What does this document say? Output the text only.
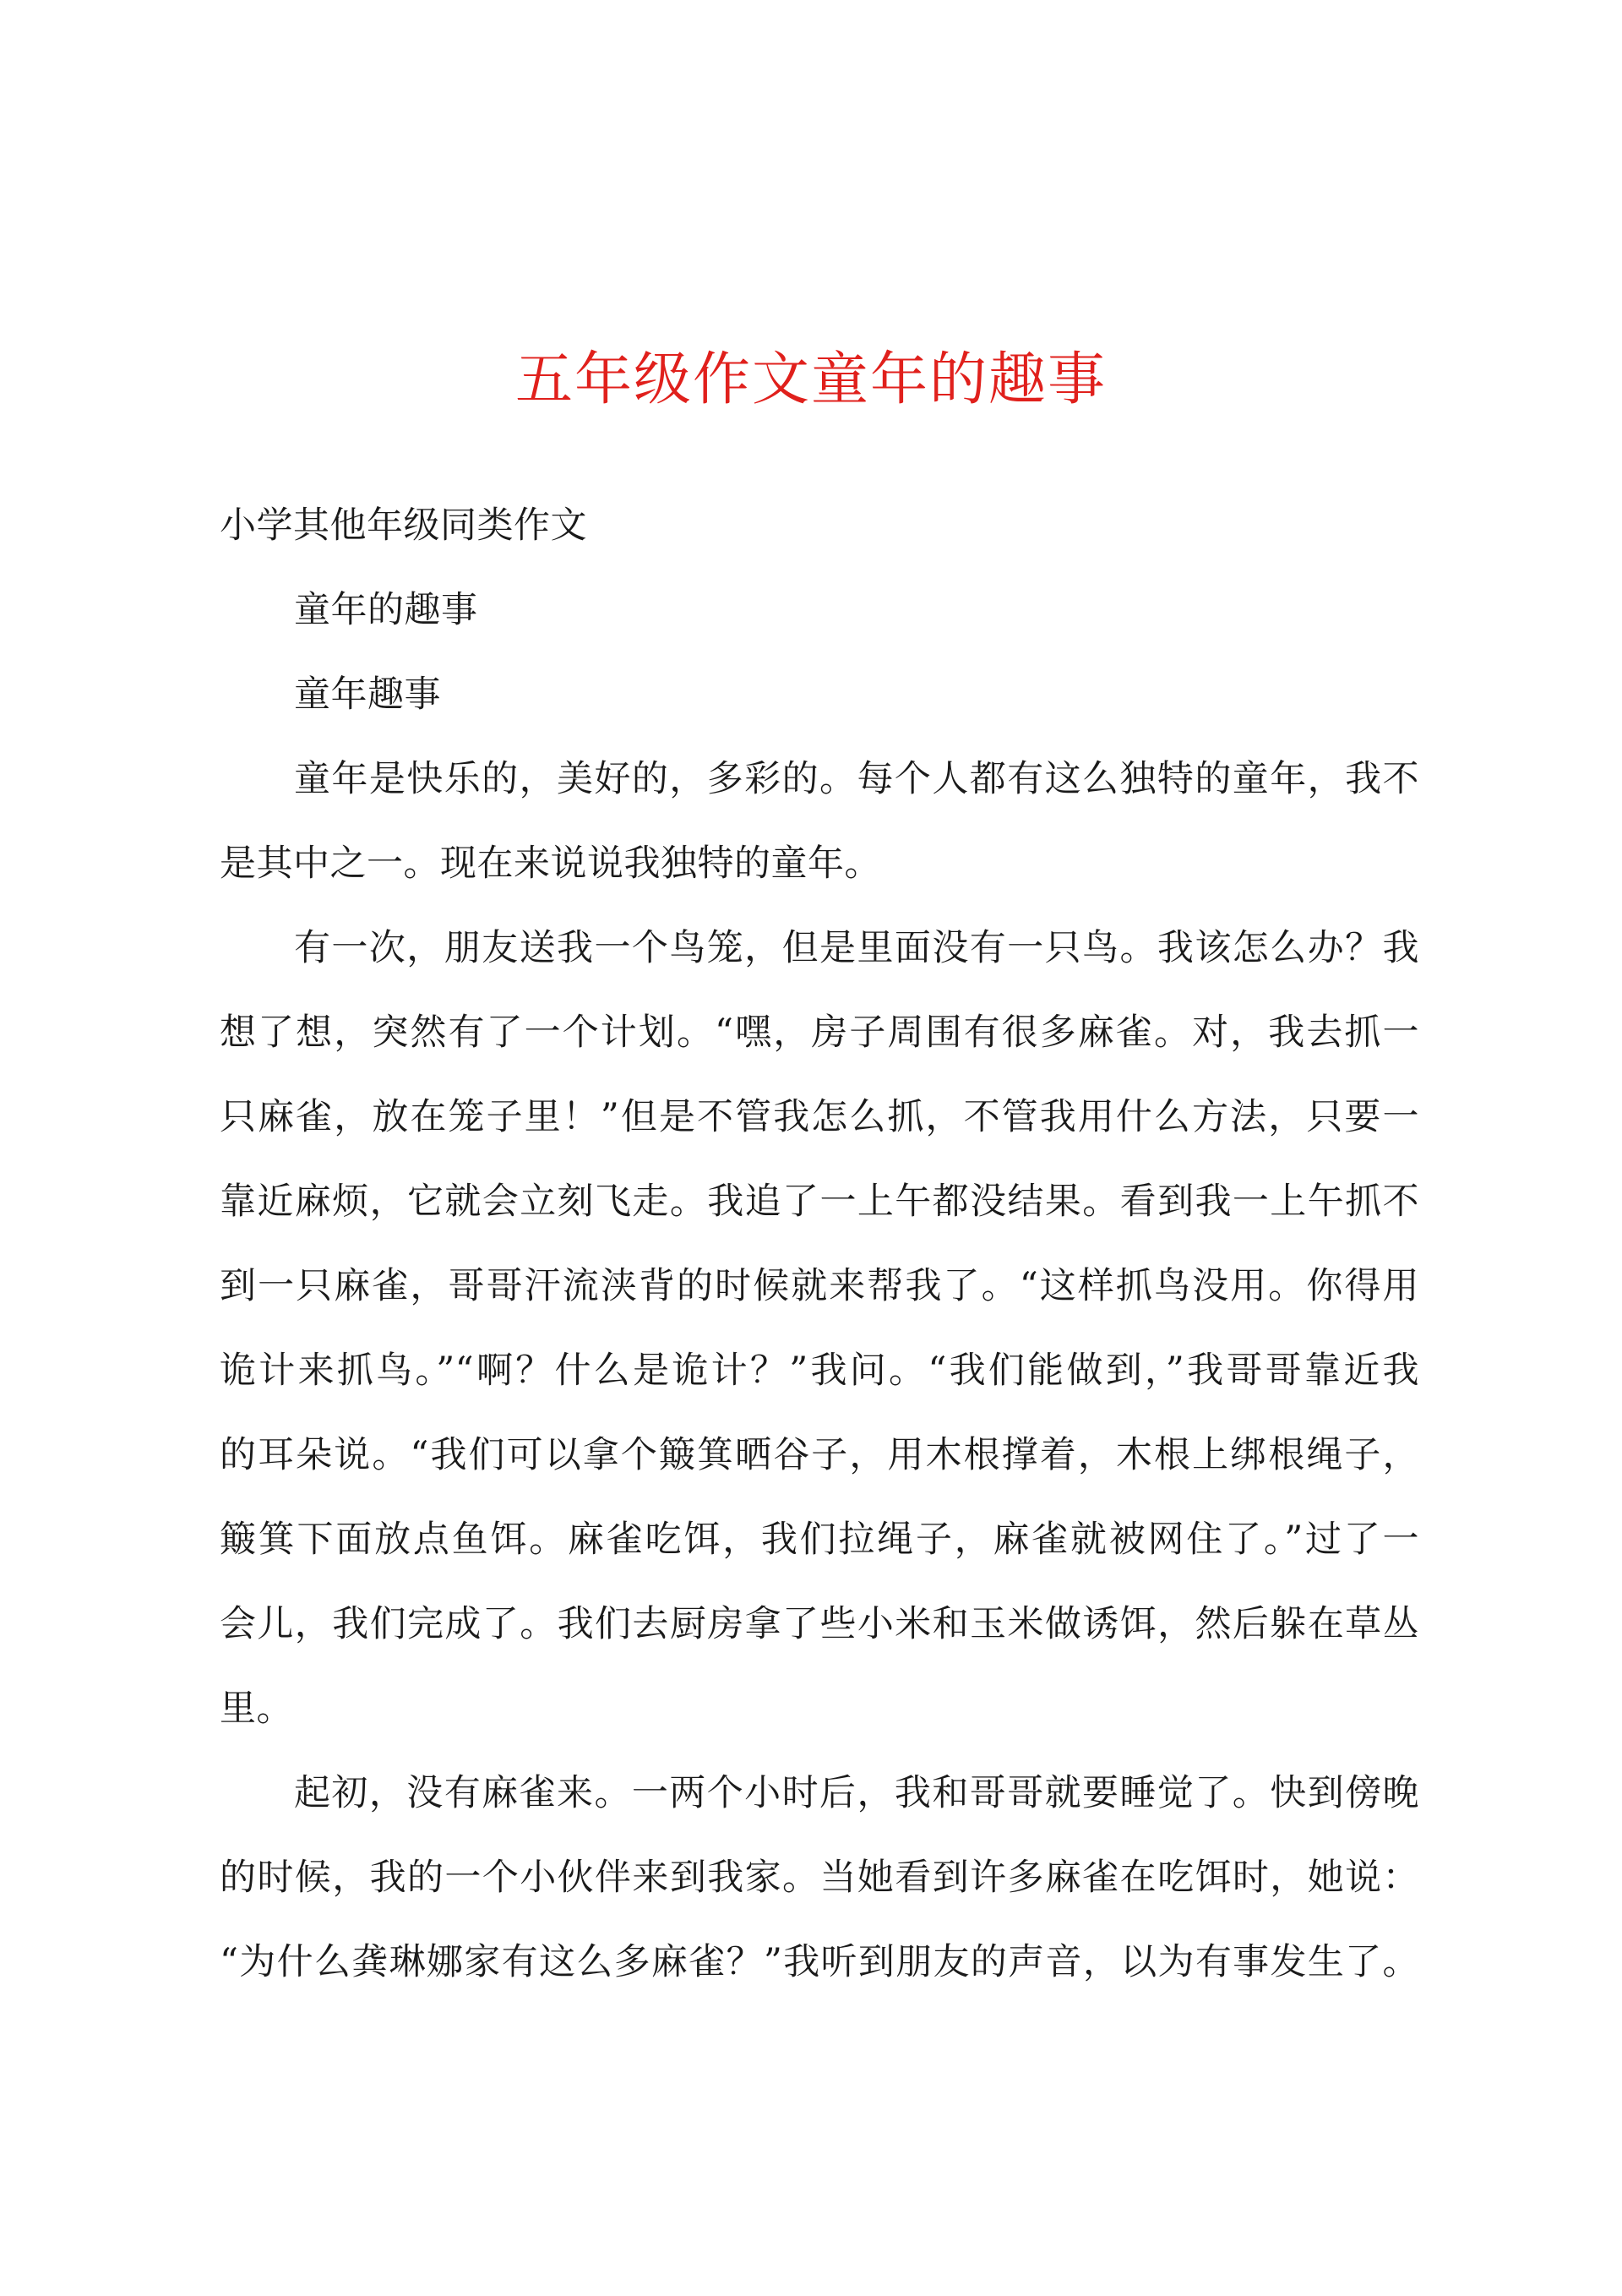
五年级作文童年的趣事
小学其他年级同类作文
童年的趣事
童年趣事
童年是快乐的，美好的，多彩的。每个人都有这么独特的童年，我不
是其中之一。现在来说说我独特的童年。
有一次，朋友送我一个鸟笼，但是里面没有一只鸟。我该怎么办？我
想了想，突然有了一个计划。“嘿，房子周围有很多麻雀。对，我去抓一
只麻雀，放在笼子里！”但是不管我怎么抓，不管我用什么方法，只要一
靠近麻烦，它就会立刻飞走。我追了一上午都没结果。看到我一上午抓不
到一只麻雀，哥哥汗流浃背的时候就来帮我了。“这样抓鸟没用。你得用
诡计来抓鸟。”“啊？什么是诡计？”我问。“我们能做到，”我哥哥靠近我
的耳朵说。“我们可以拿个簸箕晒谷子，用木根撑着，木根上绑根绳子，
簸箕下面放点鱼饵。麻雀吃饵，我们拉绳子，麻雀就被网住了。”过了一
会儿，我们完成了。我们去厨房拿了些小米和玉米做诱饵，然后躲在草丛
里。
起初，没有麻雀来。一两个小时后，我和哥哥就要睡觉了。快到傍晚
的时候，我的一个小伙伴来到我家。当她看到许多麻雀在吃饵时，她说：
“为什么龚琳娜家有这么多麻雀？”我听到朋友的声音，以为有事发生了。
